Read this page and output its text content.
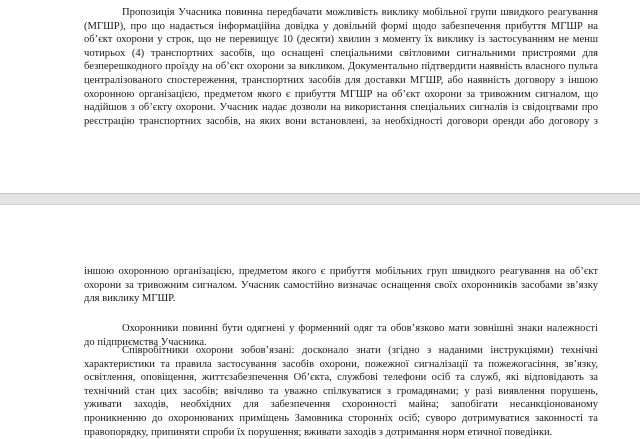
Пропозиція Учасника повинна передбачати можливість виклику мобільної групи швидкого реагування
(МГШР), про що надається інформаційна довідка у довільній формі щодо забезпечення прибуття МГШР на
об’єкт охорони у строк, що не перевищує 10 (десяти) хвилин з моменту їх виклику із застосуванням не менш
чотирьох (4) транспортних засобів, що оснащені спеціальними світловими сигнальними пристроями для
безперешкодного проїзду на об’єкт охорони за викликом. Документально підтвердити наявність власного пульта
централізованого спостереження, транспортних засобів для доставки МГШР, або наявність договору з іншою
охоронною організацією, предметом якого є прибуття МГШР на об’єкт охорони за тривожним сигналом, що
надійшов з об’єкту охорони. Учасник надає дозволи на використання спеціальних сигналів із свідоцтвами про
реєстрацію транспортних засобів, на яких вони встановлені, за необхідності договори оренди або договору з
іншою охоронною організацією, предметом якого є прибуття мобільних груп швидкого реагування на об’єкт
охорони за тривожним сигналом. Учасник самостійно визначає оснащення своїх охоронників засобами зв’язку
для виклику МГШР.
Охоронники повинні бути одягнені у форменний одяг та обов’язково мати зовнішні знаки належності
до підприємства Учасника.
Співробітники охорони зобов’язані: досконало знати (згідно з наданими інструкціями) технічні
характеристики та правила застосування засобів охорони, пожежної сигналізації та пожежогасіння, зв’язку,
освітлення, оповіщення, життєзабезпечення Об’єкта, службові телефони осіб та служб, які відповідають за
технічний стан цих засобів; ввічливо та уважно спілкуватися з громадянами; у разі виявлення порушень,
уживати заходів, необхідних для забезпечення схоронності майна; запобігати несанкціонованому
проникненню до охоронюваних приміщень Замовника сторонніх осіб; суворо дотримуватися законності та
правопорядку, припиняти спроби їх порушення; вживати заходів з дотримання норм етичної поведінки.
